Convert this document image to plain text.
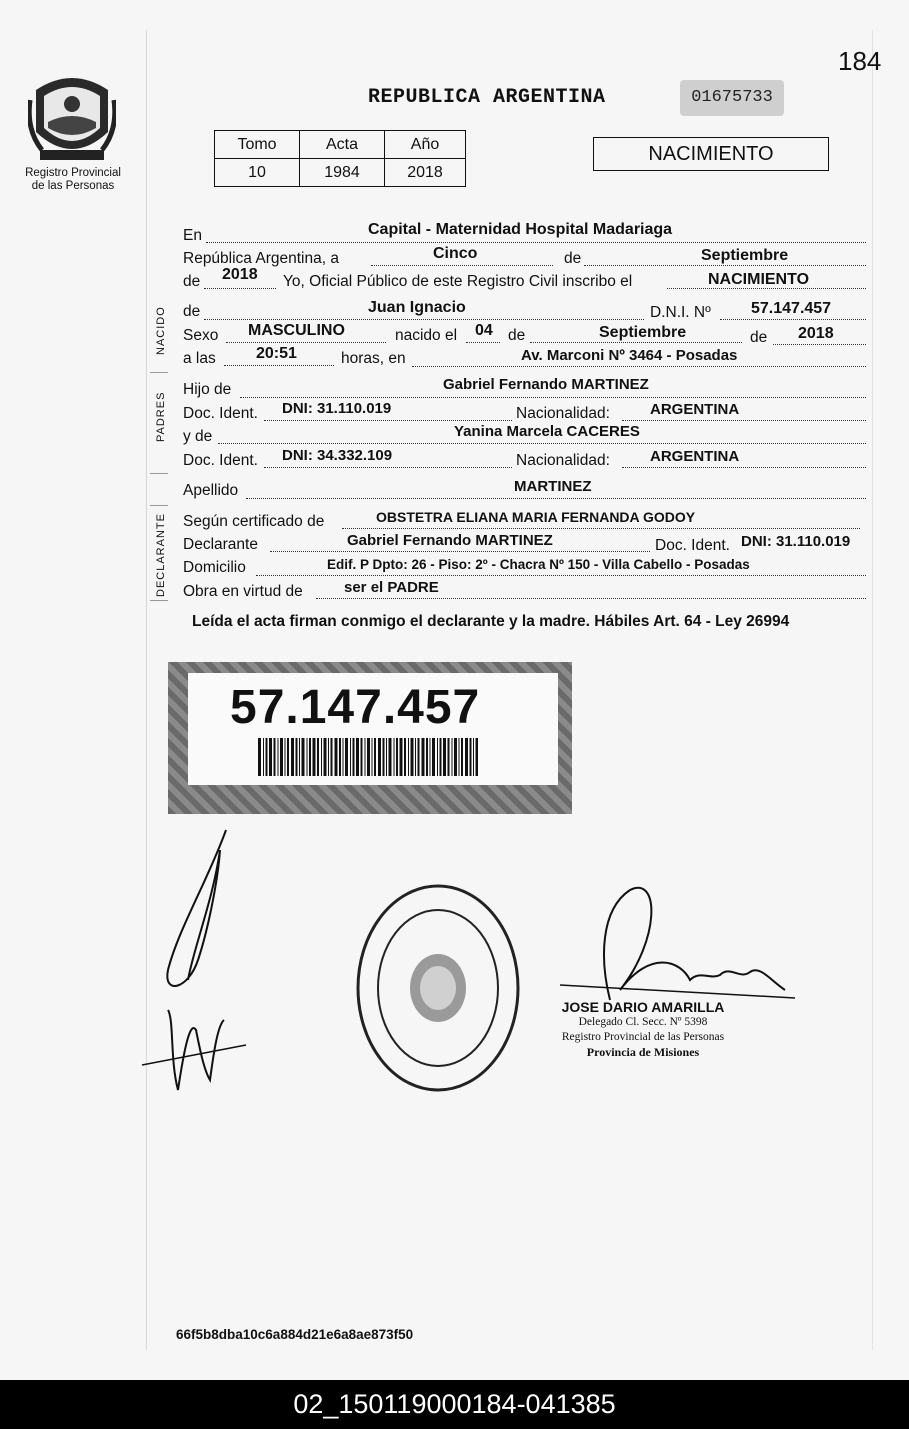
184
Registro Provincial
de las Personas
REPUBLICA ARGENTINA	01675733
Tomo	Acta	Año
10	1984	2018
NACIMIENTO
En	Capital - Maternidad Hospital Madariaga
República Argentina, a	Cinco	de	Septiembre
de 2018 Yo, Oficial Público de este Registro Civil inscribo el	NACIMIENTO
NACIDO de	Juan Ignacio	D.N.I. Nº	57.147.457
Sexo MASCULINO	nacido el 04 de	Septiembre	de 2018
a las	20:51	horas, en	Av. Marconi Nº 3464 - Posadas
PADRES
Hijo de	Gabriel Fernando MARTINEZ
Doc. Ident. DNI: 31.110.019	Nacionalidad:	ARGENTINA
y de	Yanina Marcela CACERES
Doc. Ident. DNI: 34.332.109	Nacionalidad:	ARGENTINA
Apellido	MARTINEZ
DECLARANTE Según certificado de	OBSTETRA ELIANA MARIA FERNANDA GODOY
Declarante	Gabriel Fernando MARTINEZ	Doc. Ident. DNI: 31.110.019
Domicilio	Edif. P Dpto: 26 - Piso: 2º - Chacra Nº 150 - Villa Cabello - Posadas
Obra en virtud de	ser el PADRE
Leída el acta firman conmigo el declarante y la madre. Hábiles Art. 64 - Ley 26994
57.147.457
JOSE DARIO AMARILLA
Delegado Cl. Secc. Nº 5398
Registro Provincial de las Personas
Provincia de Misiones
66f5b8dba10c6a884d21e6a8ae873f50
02_150119000184-041385
